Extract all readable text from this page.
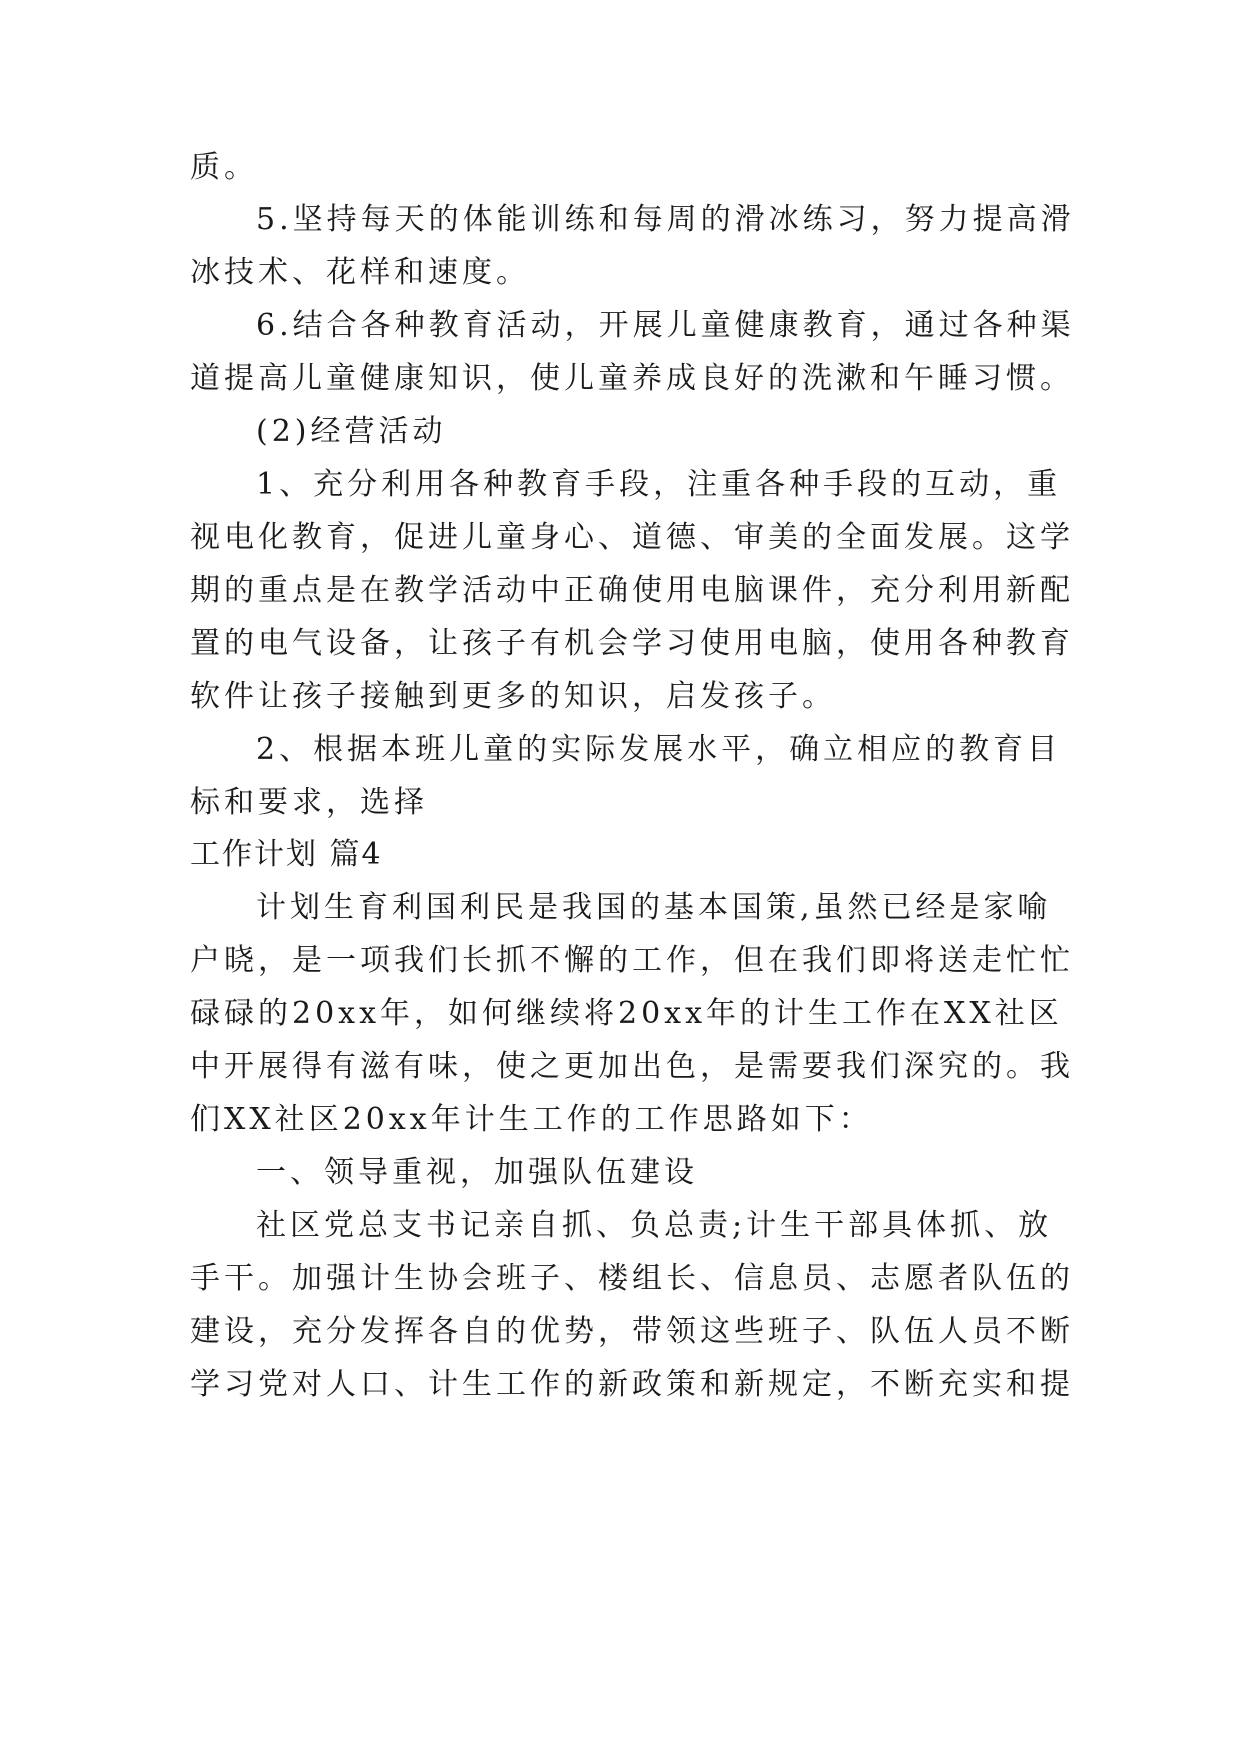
质。
5.坚持每天的体能训练和每周的滑冰练习，努力提高滑
冰技术、花样和速度。
6.结合各种教育活动，开展儿童健康教育，通过各种渠
道提高儿童健康知识，使儿童养成良好的洗漱和午睡习惯。
(2)经营活动
1、充分利用各种教育手段，注重各种手段的互动，重
视电化教育，促进儿童身心、道德、审美的全面发展。这学
期的重点是在教学活动中正确使用电脑课件，充分利用新配
置的电气设备，让孩子有机会学习使用电脑，使用各种教育
软件让孩子接触到更多的知识，启发孩子。
2、根据本班儿童的实际发展水平，确立相应的教育目
标和要求，选择
工作计划 篇4
计划生育利国利民是我国的基本国策,虽然已经是家喻
户晓，是一项我们长抓不懈的工作，但在我们即将送走忙忙
碌碌的20xx年，如何继续将20xx年的计生工作在XX社区
中开展得有滋有味，使之更加出色，是需要我们深究的。我
们XX社区20xx年计生工作的工作思路如下：
一、领导重视，加强队伍建设
社区党总支书记亲自抓、负总责;计生干部具体抓、放
手干。加强计生协会班子、楼组长、信息员、志愿者队伍的
建设，充分发挥各自的优势，带领这些班子、队伍人员不断
学习党对人口、计生工作的新政策和新规定，不断充实和提
